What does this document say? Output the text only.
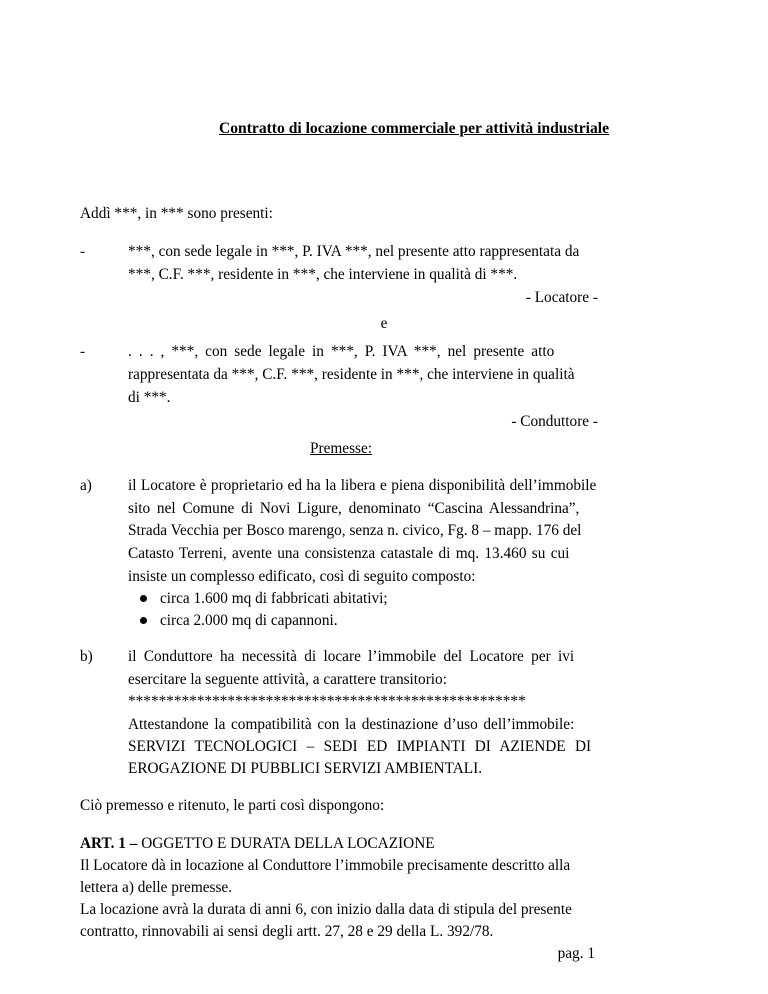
Contratto di locazione commerciale per attività industriale
Addì ***, in *** sono presenti:
-	***, con sede legale in ***, P. IVA ***, nel presente atto rappresentata da
***, C.F. ***, residente in ***, che interviene in qualità di ***.
- Locatore -
e
-	. . . , ***, con sede legale in ***, P. IVA ***, nel presente atto
rappresentata da ***, C.F. ***, residente in ***, che interviene in qualità
di ***.
- Conduttore -
Premesse:
a) il Locatore è proprietario ed ha la libera e piena disponibilità dell’immobile
sito nel Comune di Novi Ligure, denominato “Cascina Alessandrina”,
Strada Vecchia per Bosco marengo, senza n. civico, Fg. 8 – mapp. 176 del
Catasto Terreni, avente una consistenza catastale di mq. 13.460 su cui
insiste un complesso edificato, così di seguito composto:
circa 1.600 mq di fabbricati abitativi;
circa 2.000 mq di capannoni.
b) il Conduttore ha necessità di locare l’immobile del Locatore per ivi
esercitare la seguente attività, a carattere transitorio:
****************************************************
Attestandone la compatibilità con la destinazione d’uso dell’immobile:
SERVIZI TECNOLOGICI – SEDI ED IMPIANTI DI AZIENDE DI
EROGAZIONE DI PUBBLICI SERVIZI AMBIENTALI.
Ciò premesso e ritenuto, le parti così dispongono:
ART. 1 – OGGETTO E DURATA DELLA LOCAZIONE
Il Locatore dà in locazione al Conduttore l’immobile precisamente descritto alla
lettera a) delle premesse.
La locazione avrà la durata di anni 6, con inizio dalla data di stipula del presente
contratto, rinnovabili ai sensi degli artt. 27, 28 e 29 della L. 392/78.
pag. 1
